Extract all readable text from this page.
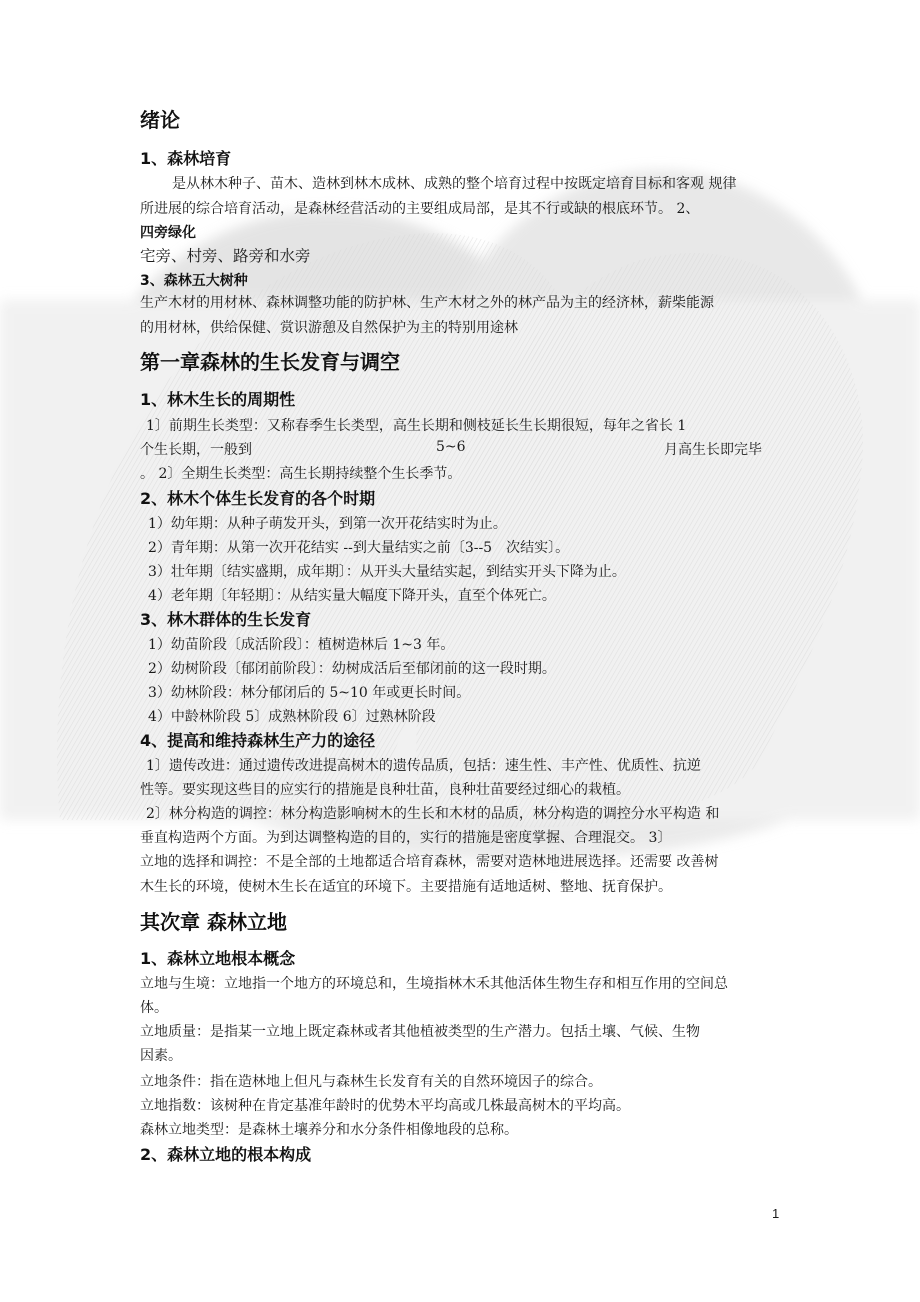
绪论
1、森林培育
是从林木种子、苗木、造林到林木成林、成熟的整个培育过程中按既定培育目标和客观 规律
所进展的综合培育活动，是森林经营活动的主要组成局部，是其不行或缺的根底环节。 2、
四旁绿化
宅旁、村旁、路旁和水旁
3、森林五大树种
生产木材的用材林、森林调整功能的防护林、生产木材之外的林产品为主的经济林，薪柴能源
的用材林，供给保健、赏识游憩及自然保护为主的特别用途林
第一章森林的生长发育与调空
1、林木生长的周期性
1〕前期生长类型：又称春季生长类型，高生长期和侧枝延长生长期很短，每年之省长 1
个生长期，一般到	5~6	月高生长即完毕
。 2〕全期生长类型：高生长期持续整个生长季节。
2、林木个体生长发育的各个时期
1）幼年期：从种子萌发开头，到第一次开花结实时为止。
2）青年期：从第一次开花结实 --到大量结实之前〔3--5　次结实〕。
3）壮年期〔结实盛期，成年期〕：从开头大量结实起，到结实开头下降为止。
4）老年期〔年轻期〕：从结实量大幅度下降开头，直至个体死亡。
3、林木群体的生长发育
1）幼苗阶段〔成活阶段〕：植树造林后 1~3 年。
2）幼树阶段〔郁闭前阶段〕：幼树成活后至郁闭前的这一段时期。
3）幼林阶段：林分郁闭后的 5~10 年或更长时间。
4）中龄林阶段 5〕成熟林阶段 6〕过熟林阶段
4、提高和维持森林生产力的途径
1〕遗传改进：通过遗传改进提高树木的遗传品质，包括：速生性、丰产性、优质性、抗逆
性等。要实现这些目的应实行的措施是良种壮苗，良种壮苗要经过细心的栽植。
2〕林分构造的调控：林分构造影响树木的生长和木材的品质，林分构造的调控分水平构造 和
垂直构造两个方面。为到达调整构造的目的，实行的措施是密度掌握、合理混交。 3〕
立地的选择和调控：不是全部的土地都适合培育森林，需要对造林地进展选择。还需要 改善树
木生长的环境，使树木生长在适宜的环境下。主要措施有适地适树、整地、抚育保护。
其次章 森林立地
1、森林立地根本概念
立地与生境：立地指一个地方的环境总和，生境指林木禾其他活体生物生存和相互作用的空间总
体。
立地质量：是指某一立地上既定森林或者其他植被类型的生产潜力。包括土壤、气候、生物
因素。
立地条件：指在造林地上但凡与森林生长发育有关的自然环境因子的综合。
立地指数：该树种在肯定基准年龄时的优势木平均高或几株最高树木的平均高。
森林立地类型：是森林土壤养分和水分条件相像地段的总称。
2、森林立地的根本构成
1
